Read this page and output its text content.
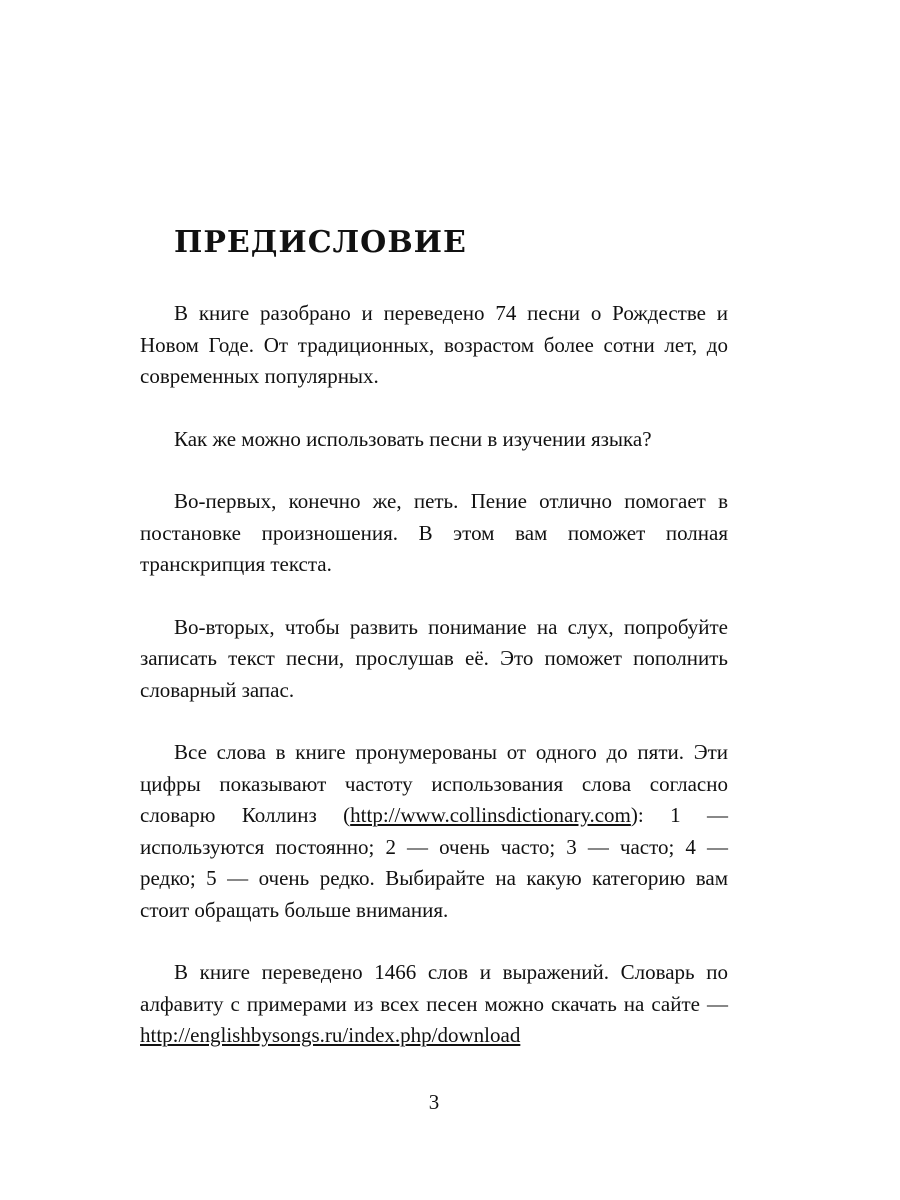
ПРЕДИСЛОВИЕ

В книге разобрано и переведено 74 песни о Рождестве и Новом Годе. От традиционных, возрастом более сотни лет, до современных популярных.

Как же можно использовать песни в изучении языка?

Во-первых, конечно же, петь. Пение отлично помогает в постановке произношения. В этом вам поможет полная транскрипция текста.

Во-вторых, чтобы развить понимание на слух, попробуйте записать текст песни, прослушав её. Это поможет пополнить словарный запас.

Все слова в книге пронумерованы от одного до пяти. Эти цифры показывают частоту использования слова согласно словарю Коллинз (http://www.collinsdictionary.com): 1 — используются постоянно; 2 — очень часто; 3 — часто; 4 — редко; 5 — очень редко. Выбирайте на какую категорию вам стоит обращать больше внимания.

В книге переведено 1466 слов и выражений. Словарь по алфавиту с примерами из всех песен можно скачать на сайте — http://englishbysongs.ru/index.php/download

3
